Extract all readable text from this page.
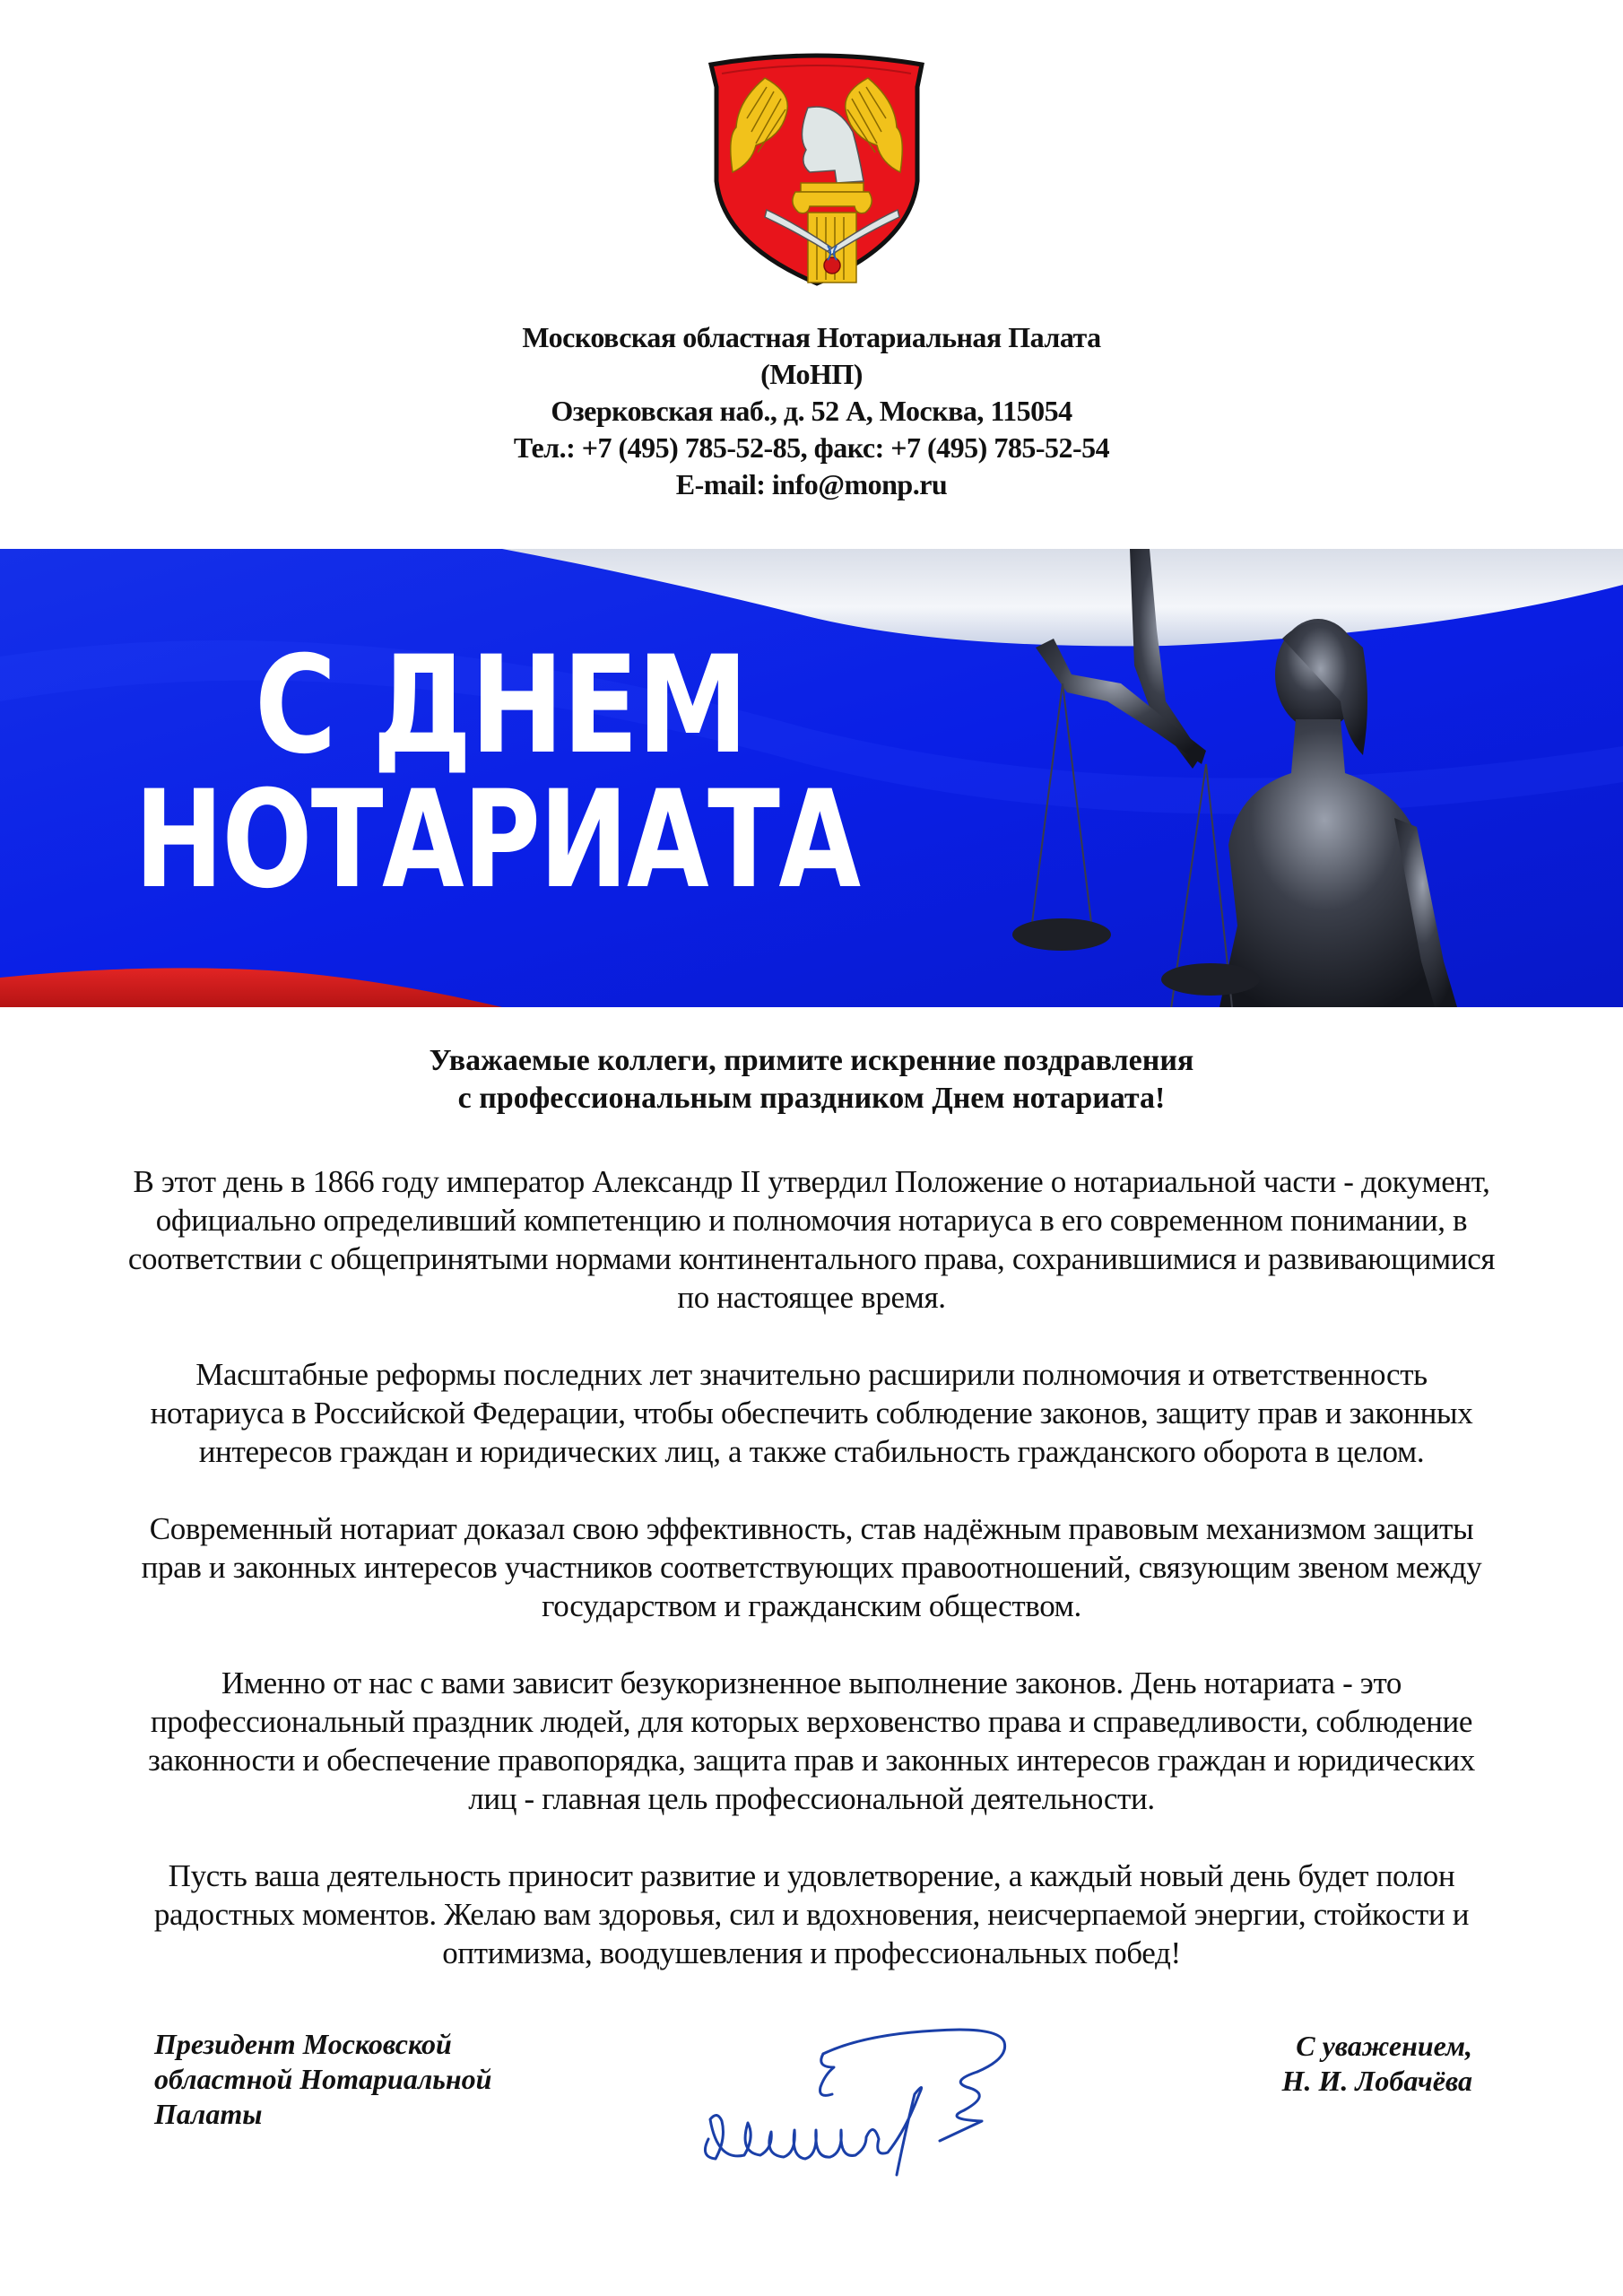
Московская областная Нотариальная Палата
(МоНП)
Озерковская наб., д. 52 А, Москва, 115054
Тел.: +7 (495) 785-52-85, факс: +7 (495) 785-52-54
E-mail: info@monp.ru
С ДНЕМ
НОТАРИАТА
Уважаемые коллеги, примите искренние поздравления
с профессиональным праздником Днем нотариата!
В этот день в 1866 году император Александр II утвердил Положение о нотариальной части - документ,
официально определивший компетенцию и полномочия нотариуса в его современном понимании, в
соответствии с общепринятыми нормами континентального права, сохранившимися и развивающимися
по настоящее время.
Масштабные реформы последних лет значительно расширили полномочия и ответственность
нотариуса в Российской Федерации, чтобы обеспечить соблюдение законов, защиту прав и законных
интересов граждан и юридических лиц, а также стабильность гражданского оборота в целом.
Современный нотариат доказал свою эффективность, став надёжным правовым механизмом защиты
прав и законных интересов участников соответствующих правоотношений, связующим звеном между
государством и гражданским обществом.
Именно от нас с вами зависит безукоризненное выполнение законов. День нотариата - это
профессиональный праздник людей, для которых верховенство права и справедливости, соблюдение
законности и обеспечение правопорядка, защита прав и законных интересов граждан и юридических
лиц - главная цель профессиональной деятельности.
Пусть ваша деятельность приносит развитие и удовлетворение, а каждый новый день будет полон
радостных моментов. Желаю вам здоровья, сил и вдохновения, неисчерпаемой энергии, стойкости и
оптимизма, воодушевления и профессиональных побед!
Президент Московской
областной Нотариальной
Палаты
С уважением,
Н. И. Лобачёва
